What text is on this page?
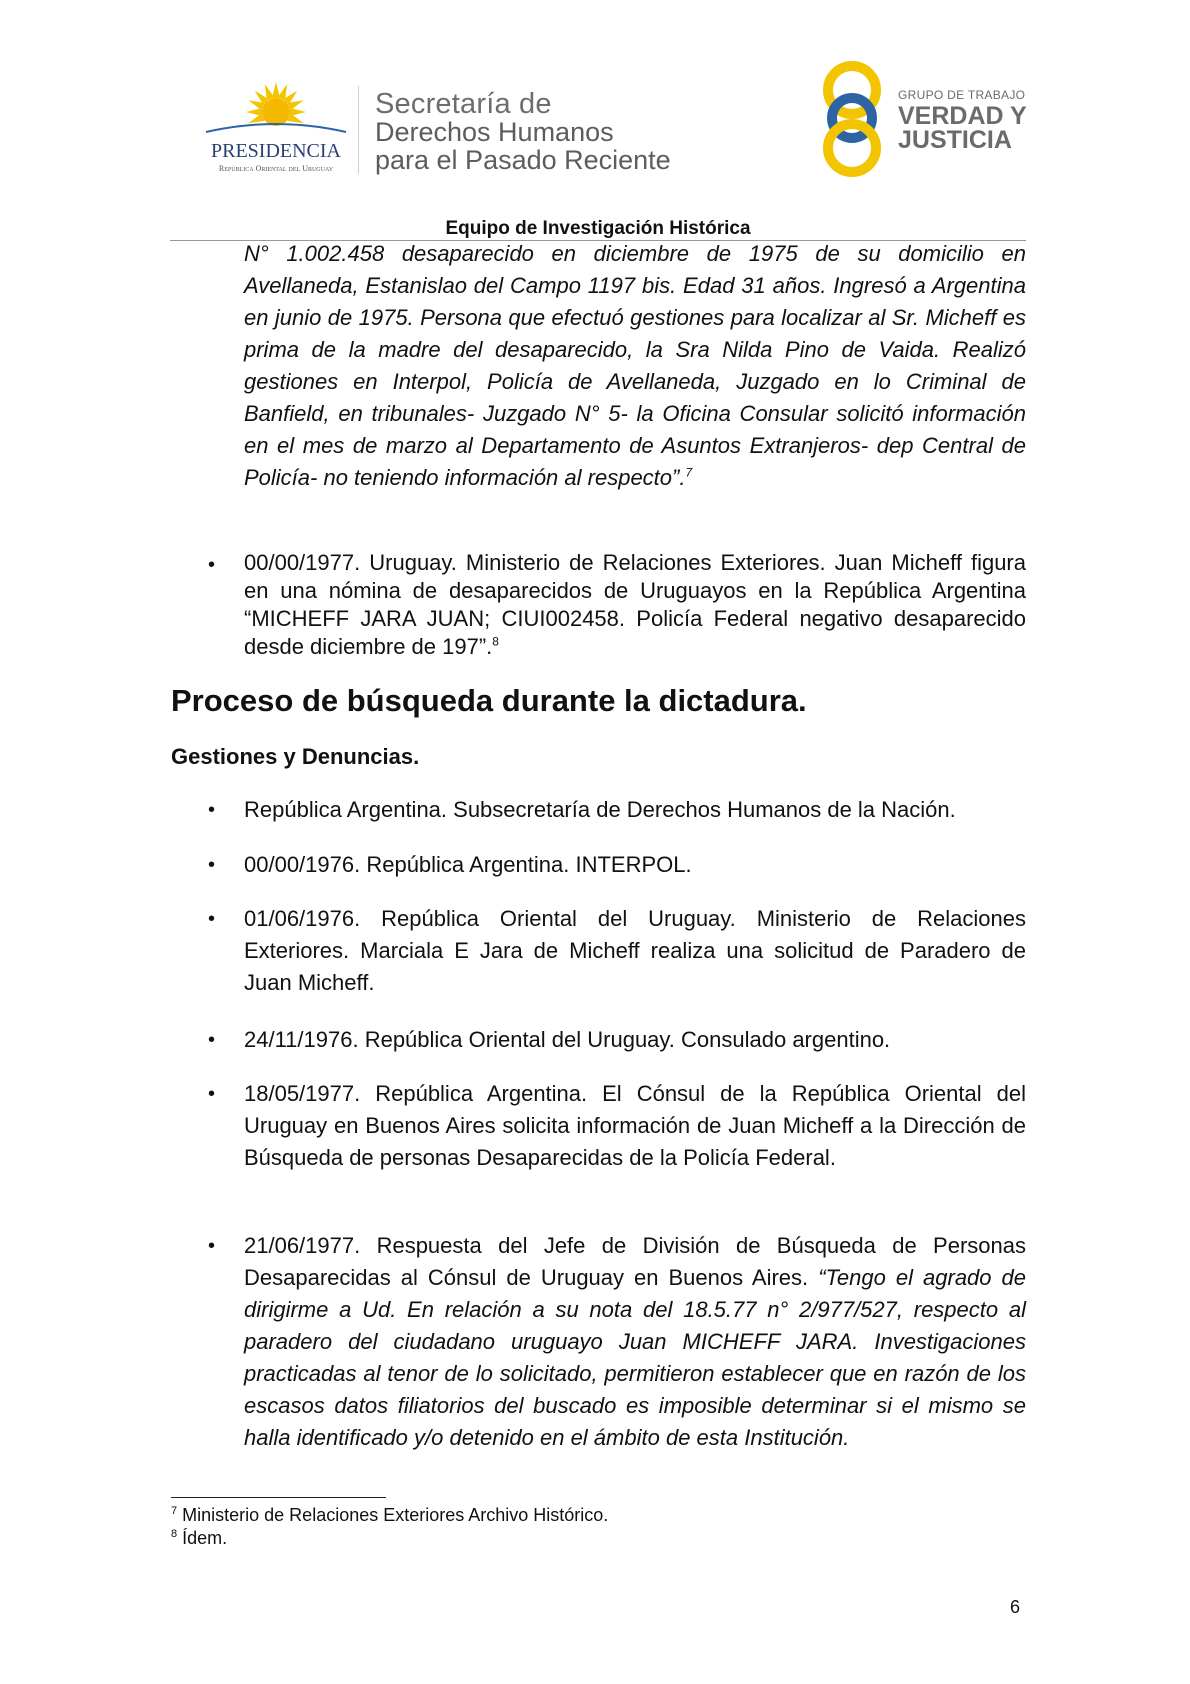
PRESIDENCIA
República Oriental del Uruguay
Secretaría de
Derechos Humanos
para el Pasado Reciente
GRUPO DE TRABAJO
VERDAD Y
JUSTICIA
Equipo de Investigación Histórica
N° 1.002.458 desaparecido en diciembre de 1975 de su domicilio en Avellaneda, Estanislao del Campo 1197 bis. Edad 31 años. Ingresó a Argentina en junio de 1975. Persona que efectuó gestiones para localizar al Sr. Micheff es prima de la madre del desaparecido, la Sra Nilda Pino de Vaida. Realizó gestiones en Interpol, Policía de Avellaneda, Juzgado en lo Criminal de Banfield, en tribunales- Juzgado N° 5- la Oficina Consular solicitó información en el mes de marzo al Departamento de Asuntos Extranjeros- dep Central de Policía- no teniendo información al respecto”.$^7$
• 00/00/1977. Uruguay. Ministerio de Relaciones Exteriores. Juan Micheff figura en una nómina de desaparecidos de Uruguayos en la República Argentina “MICHEFF JARA JUAN; CIUI002458. Policía Federal negativo desaparecido desde diciembre de 197”.$^8$
Proceso de búsqueda durante la dictadura.
Gestiones y Denuncias.
• República Argentina. Subsecretaría de Derechos Humanos de la Nación.
• 00/00/1976. República Argentina. INTERPOL.
• 01/06/1976. República Oriental del Uruguay. Ministerio de Relaciones Exteriores. Marciala E Jara de Micheff realiza una solicitud de Paradero de Juan Micheff.
• 24/11/1976. República Oriental del Uruguay. Consulado argentino.
• 18/05/1977. República Argentina. El Cónsul de la República Oriental del Uruguay en Buenos Aires solicita información de Juan Micheff a la Dirección de Búsqueda de personas Desaparecidas de la Policía Federal.
• 21/06/1977. Respuesta del Jefe de División de Búsqueda de Personas Desaparecidas al Cónsul de Uruguay en Buenos Aires. “Tengo el agrado de dirigirme a Ud. En relación a su nota del 18.5.77 n° 2/977/527, respecto al paradero del ciudadano uruguayo Juan MICHEFF JARA. Investigaciones practicadas al tenor de lo solicitado, permitieron establecer que en razón de los escasos datos filiatorios del buscado es imposible determinar si el mismo se halla identificado y/o detenido en el ámbito de esta Institución.
$^7$ Ministerio de Relaciones Exteriores Archivo Histórico.
$^8$ Ídem.
6
